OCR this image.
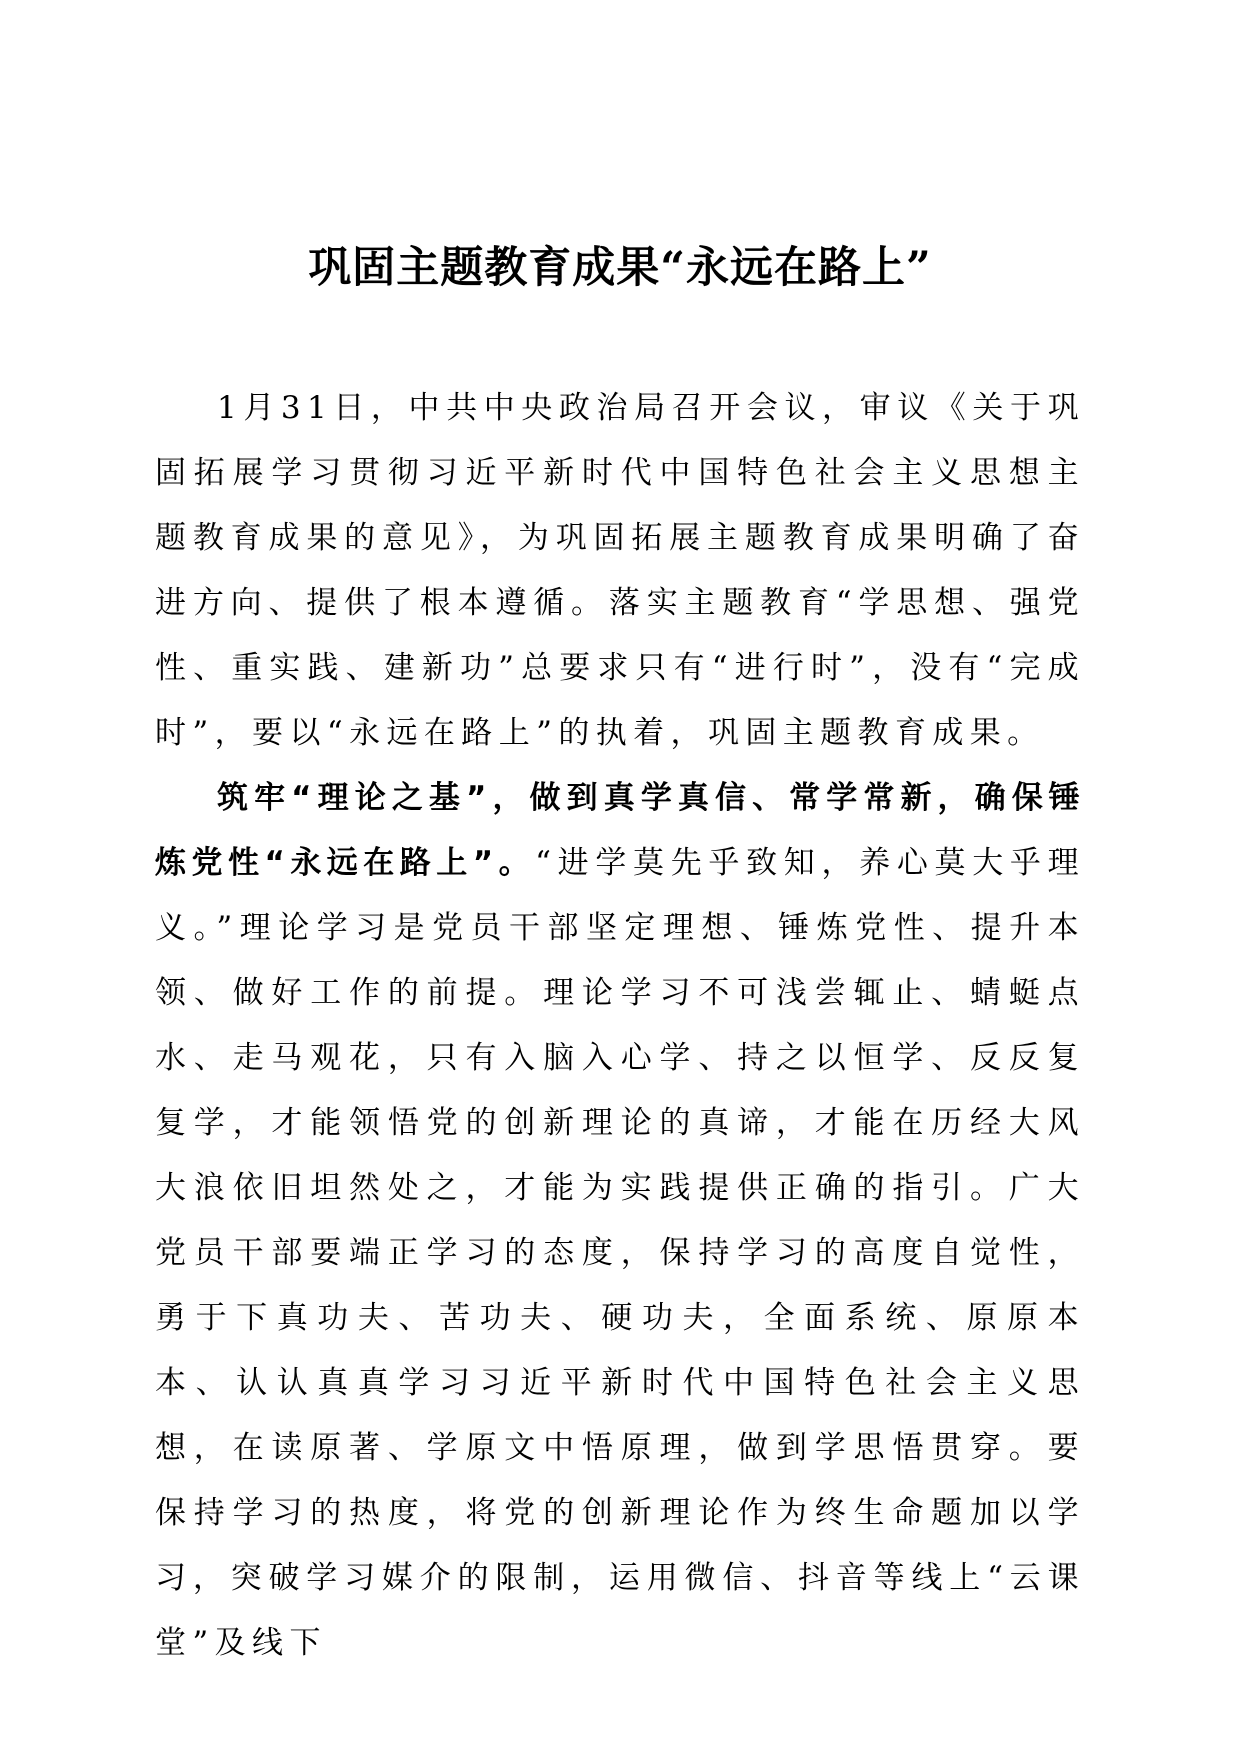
巩固主题教育成果“永远在路上”

1月31日，中共中央政治局召开会议，审议《关于巩固拓展学习贯彻习近平新时代中国特色社会主义思想主题教育成果的意见》，为巩固拓展主题教育成果明确了奋进方向、提供了根本遵循。落实主题教育“学思想、强党性、重实践、建新功”总要求只有“进行时”，没有“完成时”，要以“永远在路上”的执着，巩固主题教育成果。

筑牢“理论之基”，做到真学真信、常学常新，确保锤炼党性“永远在路上”。“进学莫先乎致知，养心莫大乎理义。”理论学习是党员干部坚定理想、锤炼党性、提升本领、做好工作的前提。理论学习不可浅尝辄止、蜻蜓点水、走马观花，只有入脑入心学、持之以恒学、反反复复学，才能领悟党的创新理论的真谛，才能在历经大风大浪依旧坦然处之，才能为实践提供正确的指引。广大党员干部要端正学习的态度，保持学习的高度自觉性，勇于下真功夫、苦功夫、硬功夫，全面系统、原原本本、认认真真学习习近平新时代中国特色社会主义思想，在读原著、学原文中悟原理，做到学思悟贯穿。要保持学习的热度，将党的创新理论作为终生命题加以学习，突破学习媒介的限制，运用微信、抖音等线上“云课堂”及线下
